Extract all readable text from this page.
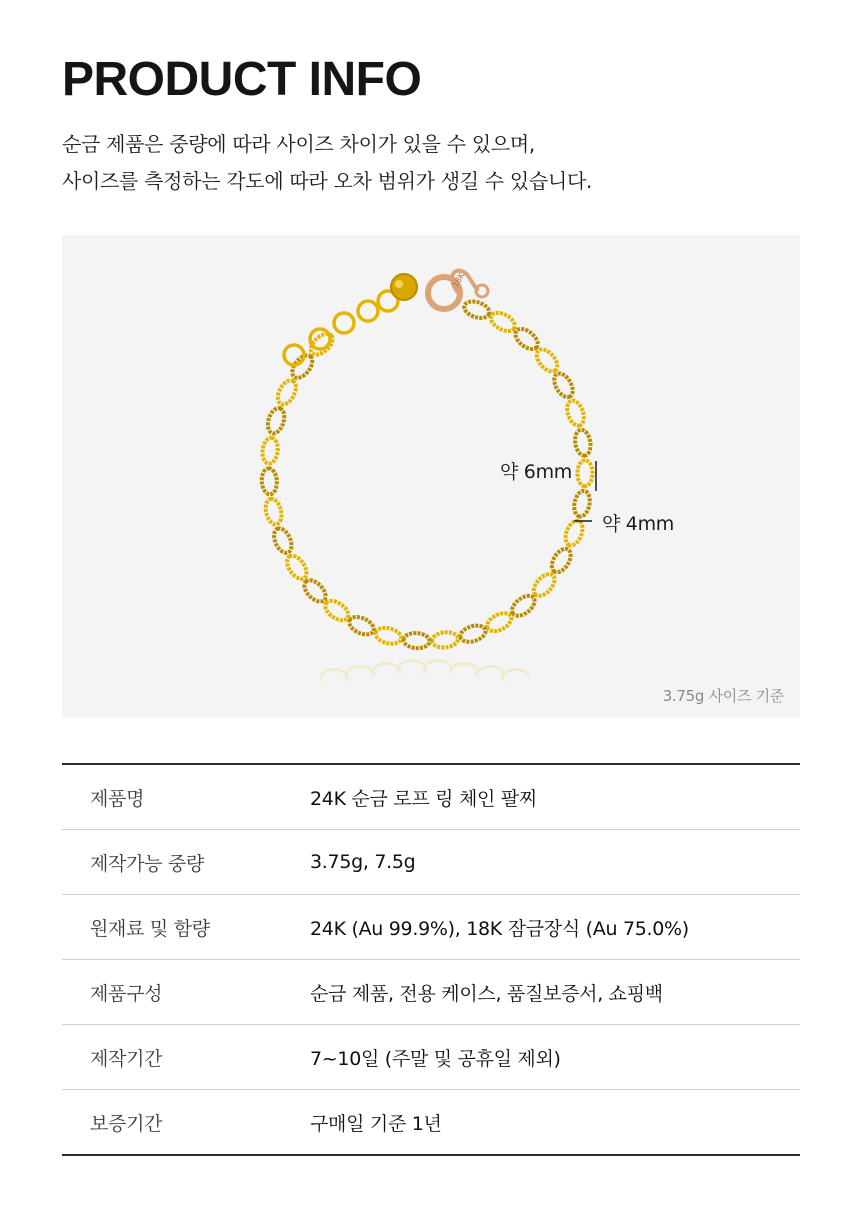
PRODUCT INFO
순금 제품은 중량에 따라 사이즈 차이가 있을 수 있으며,
사이즈를 측정하는 각도에 따라 오차 범위가 생길 수 있습니다.
18K
약 6mm
약 4mm
3.75g 사이즈 기준
제품명	24K 순금 로프 링 체인 팔찌
제작가능 중량	3.75g, 7.5g
원재료 및 함량	24K (Au 99.9%), 18K 잠금장식 (Au 75.0%)
제품구성	순금 제품, 전용 케이스, 품질보증서, 쇼핑백
제작기간	7~10일 (주말 및 공휴일 제외)
보증기간	구매일 기준 1년
